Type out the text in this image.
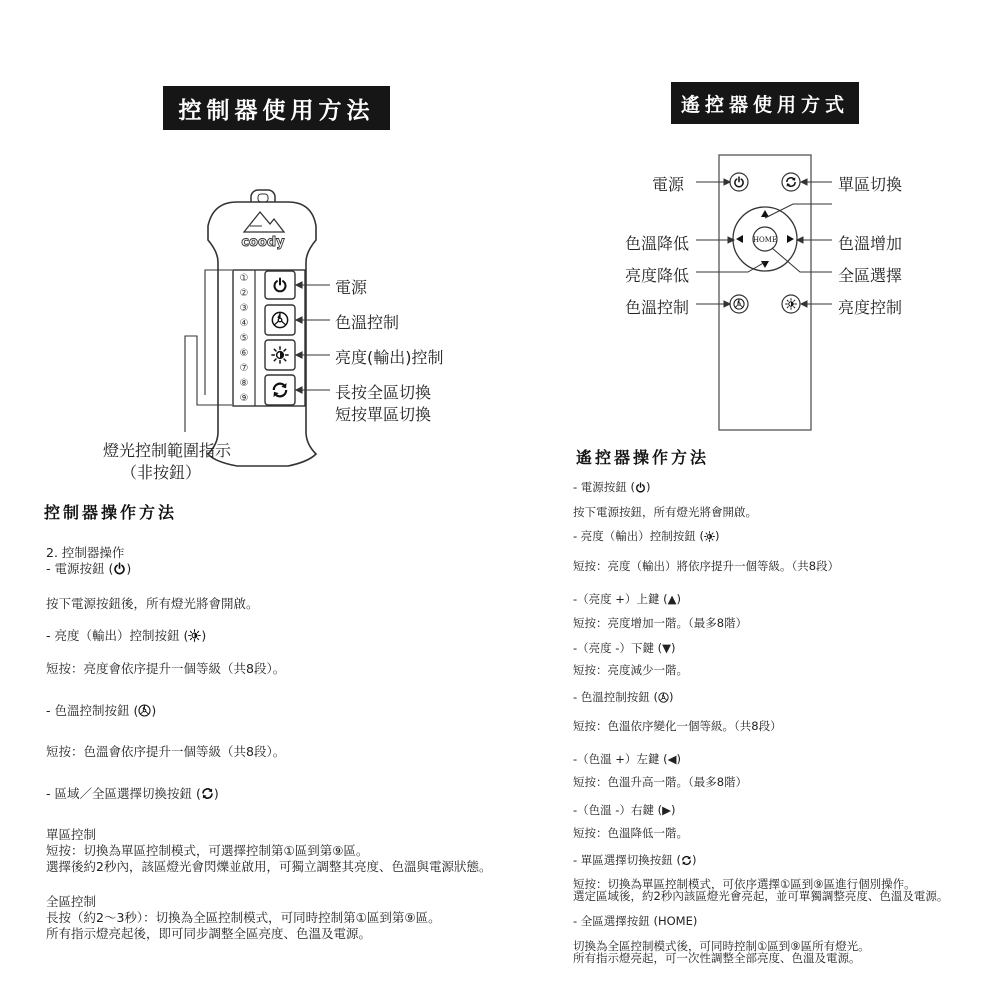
控制器使用方法
coody
①
②
③
④
⑤
⑥
⑦
⑧
⑨
電源
色溫控制
亮度(輸出)控制
長按全區切換
短按單區切換
燈光控制範圍指示
（非按鈕）
控制器操作方法
2. 控制器操作
- 電源按鈕 ( )
按下電源按鈕後，所有燈光將會開啟。
- 亮度（輸出）控制按鈕 ( )
短按：亮度會依序提升一個等級（共8段）。
- 色溫控制按鈕 ( )
短按：色溫會依序提升一個等級（共8段）。
- 區域／全區選擇切換按鈕 ( )
單區控制
短按：切換為單區控制模式，可選擇控制第①區到第⑨區。
選擇後約2秒內，該區燈光會閃爍並啟用，可獨立調整其亮度、色溫與電源狀態。
全區控制
長按（約2～3秒）：切換為全區控制模式，可同時控制第①區到第⑨區。
所有指示燈亮起後，即可同步調整全區亮度、色溫及電源。
遙控器使用方式
HOME
電源	單區切換
色溫降低	色溫增加
亮度降低	全區選擇
色溫控制	亮度控制
遙控器操作方法
- 電源按鈕 ( )
按下電源按鈕，所有燈光將會開啟。
- 亮度（輸出）控制按鈕 ( )
短按：亮度（輸出）將依序提升一個等級。（共8段）
-（亮度 +）上鍵 (▲)
短按：亮度增加一階。（最多8階）
-（亮度 -）下鍵 (▼)
短按：亮度減少一階。
- 色溫控制按鈕 ( )
短按：色溫依序變化一個等級。（共8段）
-（色溫 +）左鍵 (◀)
短按：色溫升高一階。（最多8階）
-（色溫 -）右鍵 (▶)
短按：色溫降低一階。
- 單區選擇切換按鈕 ( )
短按：切換為單區控制模式，可依序選擇①區到⑨區進行個別操作。
選定區域後，約2秒內該區燈光會亮起，並可單獨調整亮度、色溫及電源。
- 全區選擇按鈕 (HOME)
切換為全區控制模式後，可同時控制①區到⑨區所有燈光。
所有指示燈亮起，可一次性調整全部亮度、色溫及電源。
